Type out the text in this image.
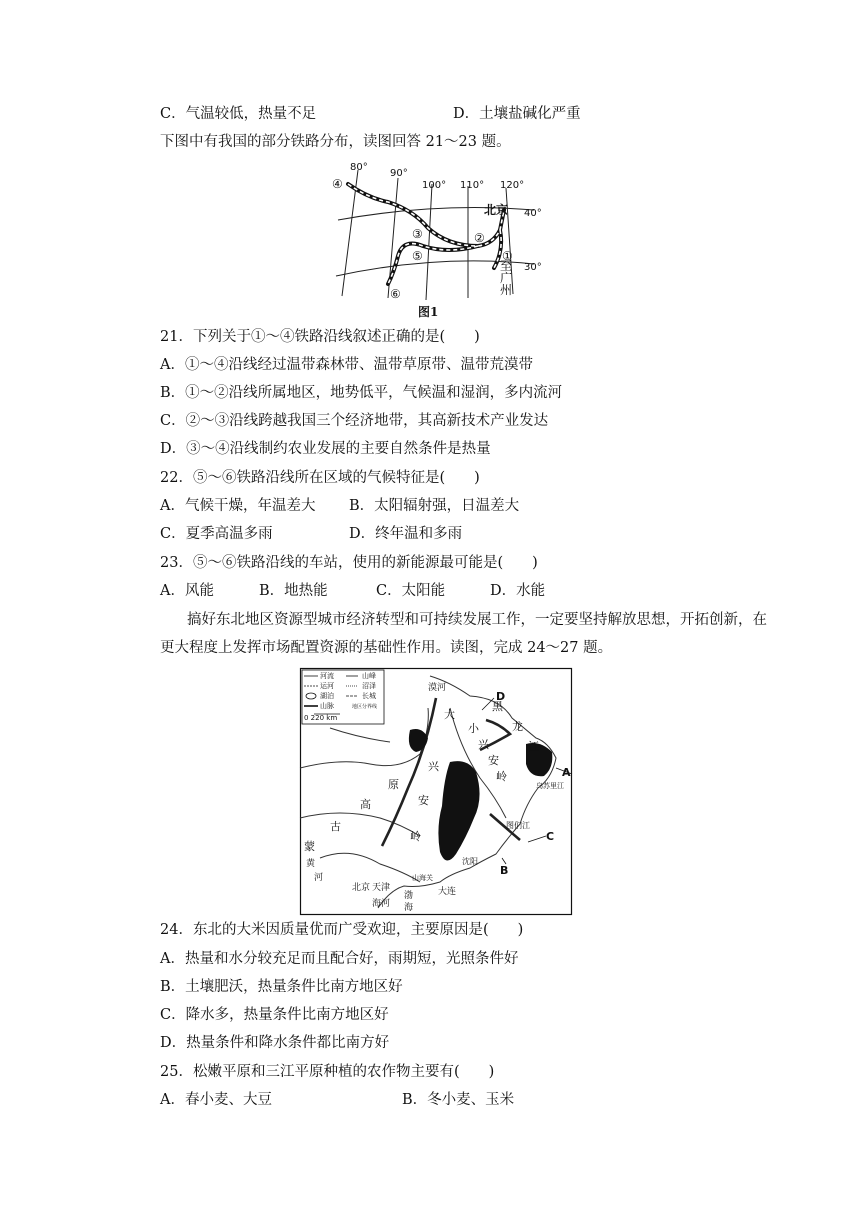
C．气温较低，热量不足	D．土壤盐碱化严重
下图中有我国的部分铁路分布，读图回答 21～23 题。
80°
90°
100° 110° 120°
40°
30°
北京
至
广
州
①
②
③
④
⑤
⑥
图1
21．下列关于①～④铁路沿线叙述正确的是(　　)
A．①～④沿线经过温带森林带、温带草原带、温带荒漠带
B．①～②沿线所属地区，地势低平，气候温和湿润，多内流河
C．②～③沿线跨越我国三个经济地带，其高新技术产业发达
D．③～④沿线制约农业发展的主要自然条件是热量
22．⑤～⑥铁路沿线所在区域的气候特征是(　　)
A．气候干燥，年温差大 B．太阳辐射强，日温差大
C．夏季高温多雨	D．终年温和多雨
23．⑤～⑥铁路沿线的车站，使用的新能源最可能是(　　)
A．风能	B．地热能	C．太阳能	D．水能
搞好东北地区资源型城市经济转型和可持续发展工作，一定要坚持解放思想，开拓创新，在
更大程度上发挥市场配置资源的基础性作用。读图，完成 24～27 题。
河流
运河
湖泊
山脉
山峰
沼泽
长城
地区分界线
0 220 km
A
B
C
D
大
兴
安
岭
小
兴
安
岭
黑
龙
江
高
原
古
蒙
漠河
北京 天津
渤
海
大连
黄
河
海河
山海关
沈阳
图们江
乌苏里江
24．东北的大米因质量优而广受欢迎，主要原因是(　　)
A．热量和水分较充足而且配合好，雨期短，光照条件好
B．土壤肥沃，热量条件比南方地区好
C．降水多，热量条件比南方地区好
D．热量条件和降水条件都比南方好
25．松嫩平原和三江平原种植的农作物主要有(　　)
A．春小麦、大豆	B．冬小麦、玉米
